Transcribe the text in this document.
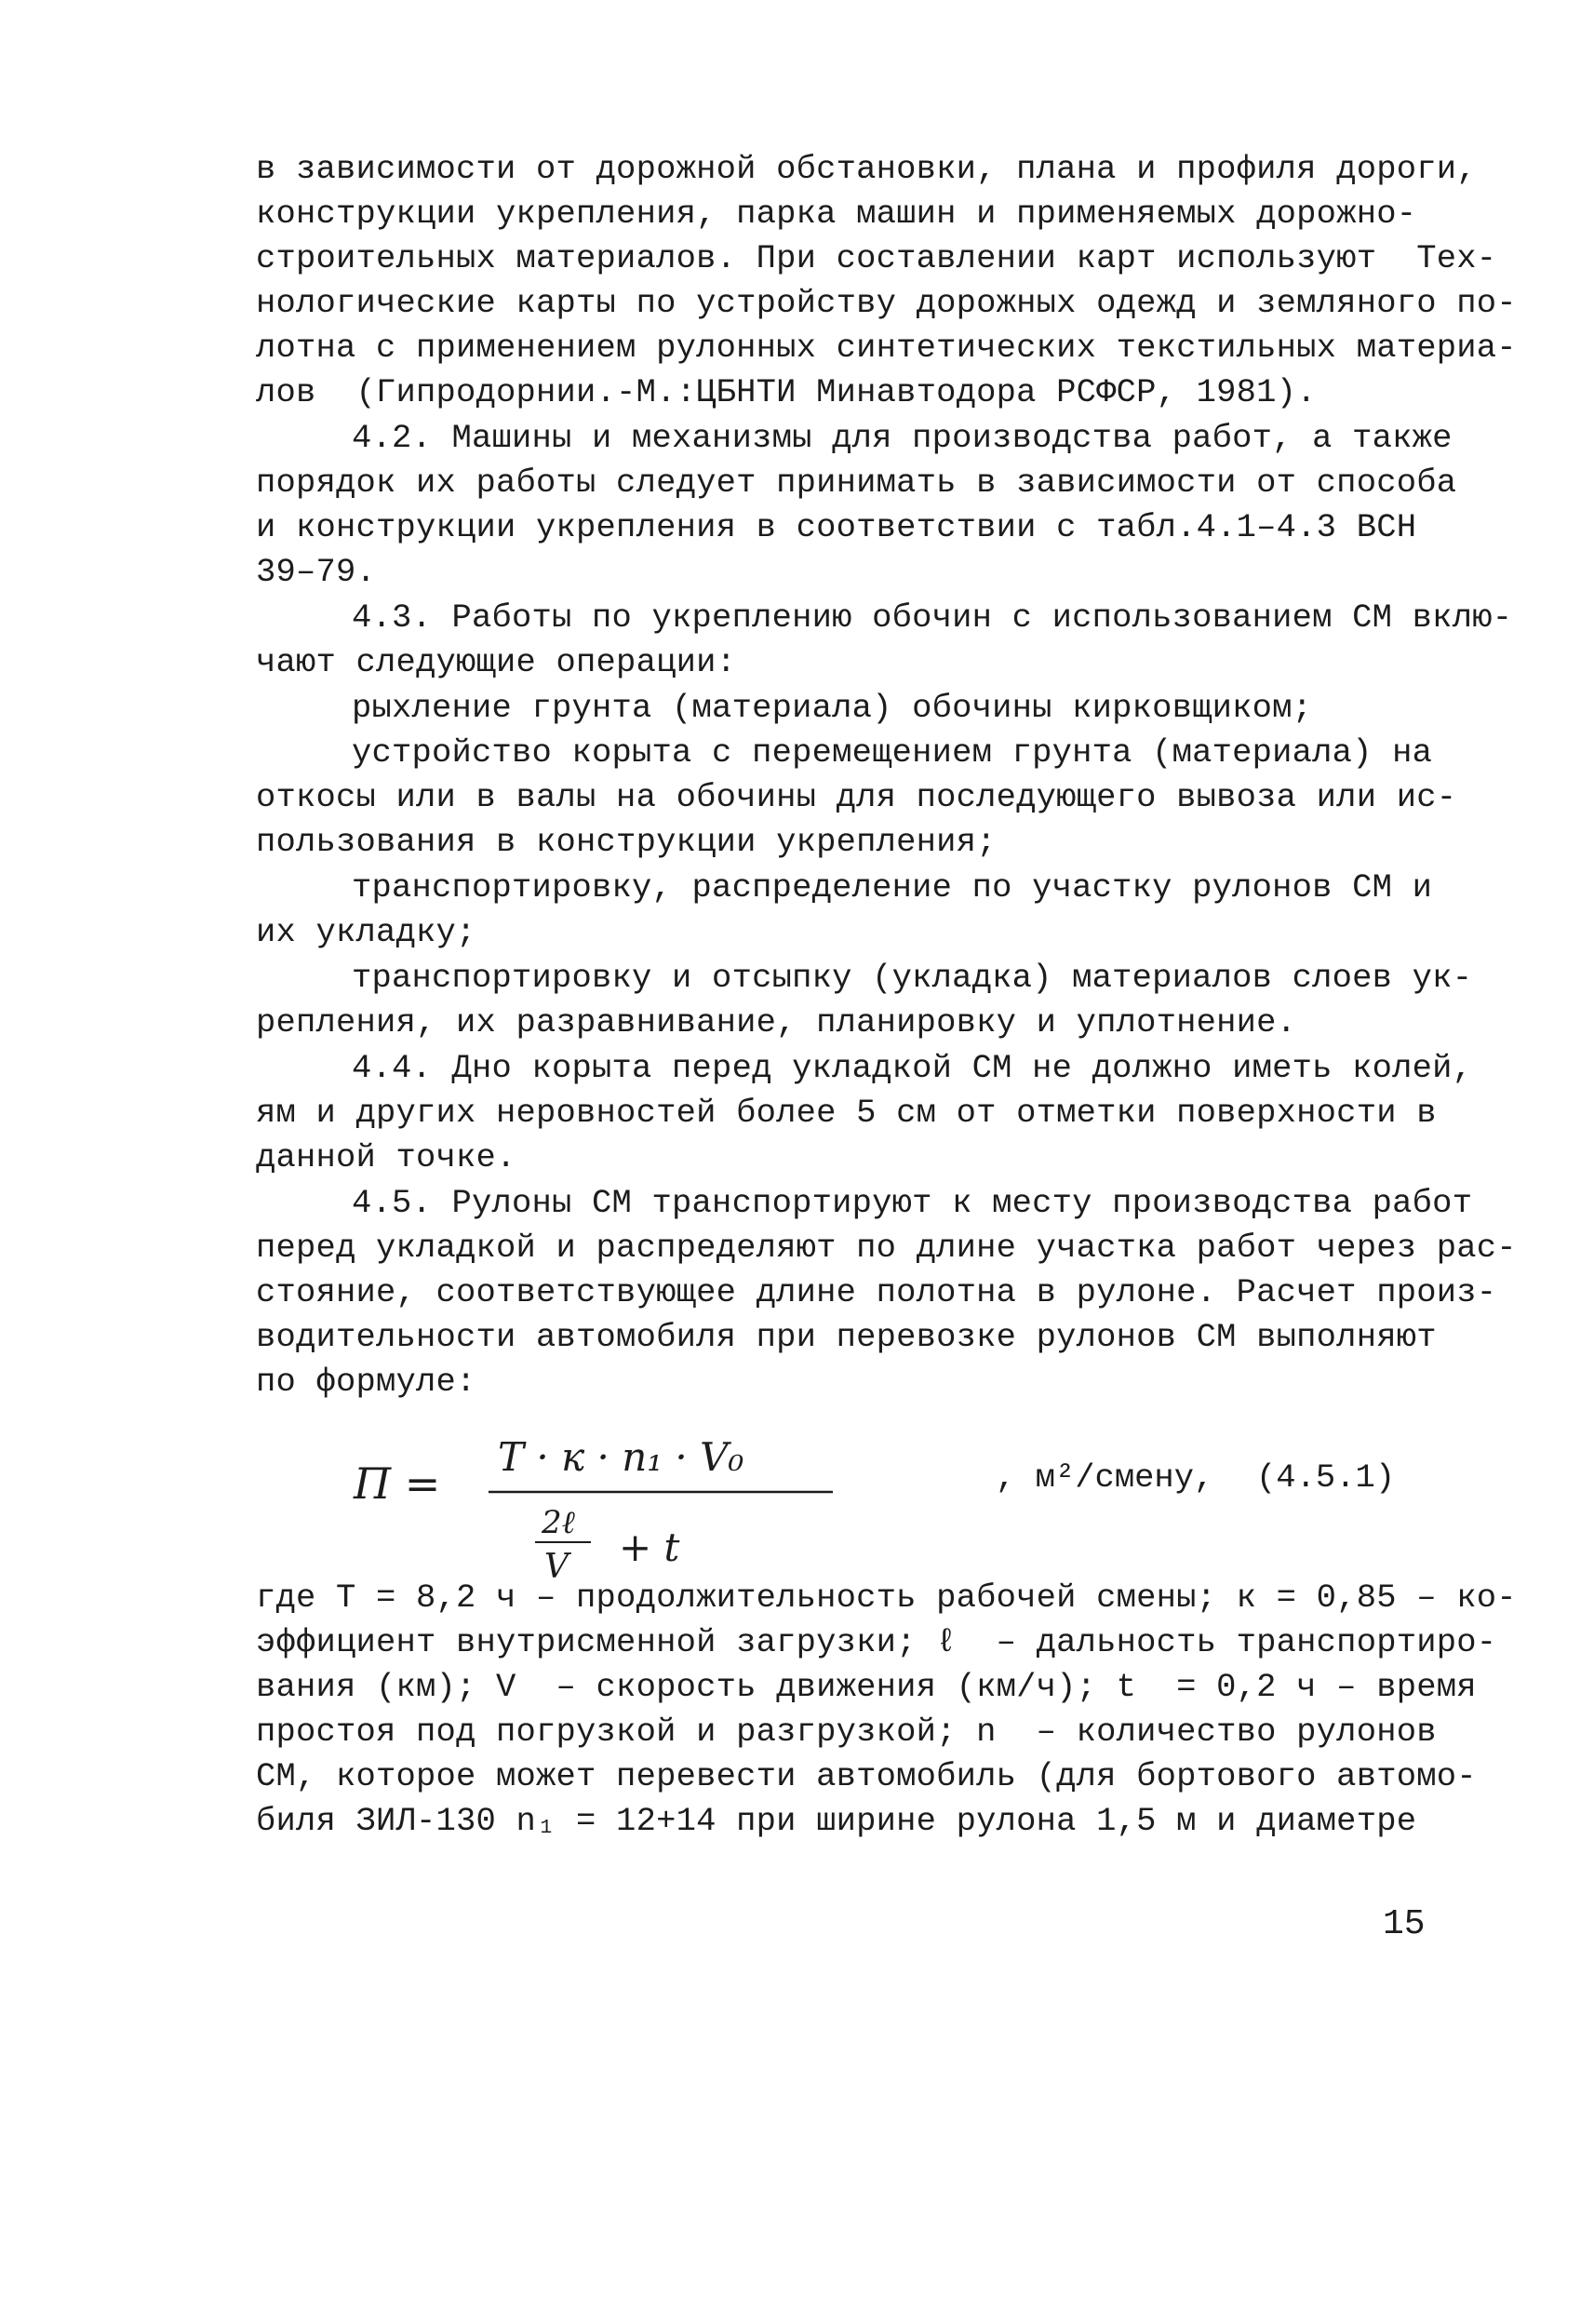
в зависимости от дорожной обстановки, плана и профиля дороги,
конструкции укрепления, парка машин и применяемых дорожно-
строительных материалов. При составлении карт используют  Тех-
нологические карты по устройству дорожных одежд и земляного по-
лотна с применением рулонных синтетических текстильных материа-
лов  (Гипродорнии.-М.:ЦБНТИ Минавтодора РСФСР, 1981).
4.2. Машины и механизмы для производства работ, а также
порядок их работы следует принимать в зависимости от способа
и конструкции укрепления в соответствии с табл.4.1–4.3 ВСН
39–79.
4.3. Работы по укреплению обочин с использованием СМ вклю-
чают следующие операции:
рыхление грунта (материала) обочины кирковщиком;
устройство корыта с перемещением грунта (материала) на
откосы или в валы на обочины для последующего вывоза или ис-
пользования в конструкции укрепления;
транспортировку, распределение по участку рулонов СМ и
их укладку;
транспортировку и отсыпку (укладка) материалов слоев ук-
репления, их разравнивание, планировку и уплотнение.
4.4. Дно корыта перед укладкой СМ не должно иметь колей,
ям и других неровностей более 5 см от отметки поверхности в
данной точке.
4.5. Рулоны СМ транспортируют к месту производства работ
перед укладкой и распределяют по длине участка работ через рас-
стояние, соответствующее длине полотна в рулоне. Расчет произ-
водительности автомобиля при перевозке рулонов СМ выполняют
по формуле:
П =
T · к · n₁ · V₀
2ℓ
V + t
, м²/смену, (4.5.1)
где Т = 8,2 ч – продолжительность рабочей смены; к = 0,85 – ко-
эффициент внутрисменной загрузки; ℓ  – дальность транспортиро-
вания (км); V  – скорость движения (км/ч); t  = 0,2 ч – время
простоя под погрузкой и разгрузкой; n  – количество рулонов
СМ, которое может перевести автомобиль (для бортового автомо-
биля ЗИЛ-130 n₁ = 12+14 при ширине рулона 1,5 м и диаметре
15
